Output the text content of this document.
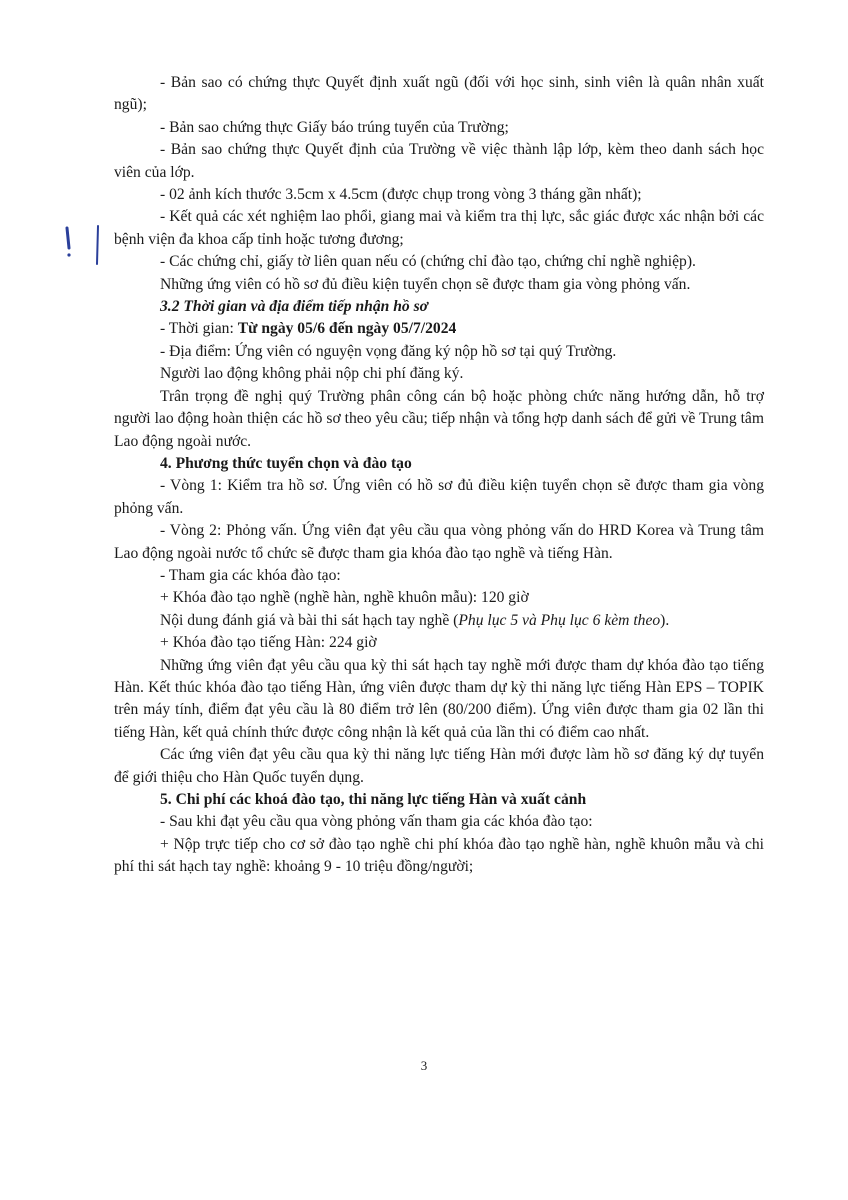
- Bản sao có chứng thực Quyết định xuất ngũ (đối với học sinh, sinh viên là quân nhân xuất ngũ);

- Bản sao chứng thực Giấy báo trúng tuyển của Trường;

- Bản sao chứng thực Quyết định của Trường về việc thành lập lớp, kèm theo danh sách học viên của lớp.

- 02 ảnh kích thước 3.5cm x 4.5cm (được chụp trong vòng 3 tháng gần nhất);

- Kết quả các xét nghiệm lao phổi, giang mai và kiểm tra thị lực, sắc giác được xác nhận bởi các bệnh viện đa khoa cấp tỉnh hoặc tương đương;

- Các chứng chỉ, giấy tờ liên quan nếu có (chứng chỉ đào tạo, chứng chỉ nghề nghiệp).

Những ứng viên có hồ sơ đủ điều kiện tuyển chọn sẽ được tham gia vòng phỏng vấn.

3.2 Thời gian và địa điểm tiếp nhận hồ sơ

- Thời gian: Từ ngày 05/6 đến ngày 05/7/2024

- Địa điểm: Ứng viên có nguyện vọng đăng ký nộp hồ sơ tại quý Trường.

Người lao động không phải nộp chi phí đăng ký.

Trân trọng đề nghị quý Trường phân công cán bộ hoặc phòng chức năng hướng dẫn, hỗ trợ người lao động hoàn thiện các hồ sơ theo yêu cầu; tiếp nhận và tổng hợp danh sách để gửi về Trung tâm Lao động ngoài nước.

4. Phương thức tuyển chọn và đào tạo

- Vòng 1: Kiểm tra hồ sơ. Ứng viên có hồ sơ đủ điều kiện tuyển chọn sẽ được tham gia vòng phỏng vấn.

- Vòng 2: Phỏng vấn. Ứng viên đạt yêu cầu qua vòng phỏng vấn do HRD Korea và Trung tâm Lao động ngoài nước tổ chức sẽ được tham gia khóa đào tạo nghề và tiếng Hàn.

- Tham gia các khóa đào tạo:

+ Khóa đào tạo nghề (nghề hàn, nghề khuôn mẫu): 120 giờ

Nội dung đánh giá và bài thi sát hạch tay nghề (Phụ lục 5 và Phụ lục 6 kèm theo).

+ Khóa đào tạo tiếng Hàn: 224 giờ

Những ứng viên đạt yêu cầu qua kỳ thi sát hạch tay nghề mới được tham dự khóa đào tạo tiếng Hàn. Kết thúc khóa đào tạo tiếng Hàn, ứng viên được tham dự kỳ thi năng lực tiếng Hàn EPS – TOPIK trên máy tính, điểm đạt yêu cầu là 80 điểm trở lên (80/200 điểm). Ứng viên được tham gia 02 lần thi tiếng Hàn, kết quả chính thức được công nhận là kết quả của lần thi có điểm cao nhất.

Các ứng viên đạt yêu cầu qua kỳ thi năng lực tiếng Hàn mới được làm hồ sơ đăng ký dự tuyển để giới thiệu cho Hàn Quốc tuyển dụng.

5. Chi phí các khoá đào tạo, thi năng lực tiếng Hàn và xuất cảnh

- Sau khi đạt yêu cầu qua vòng phỏng vấn tham gia các khóa đào tạo:

+ Nộp trực tiếp cho cơ sở đào tạo nghề chi phí khóa đào tạo nghề hàn, nghề khuôn mẫu và chi phí thi sát hạch tay nghề: khoảng 9 - 10 triệu đồng/người;

3
